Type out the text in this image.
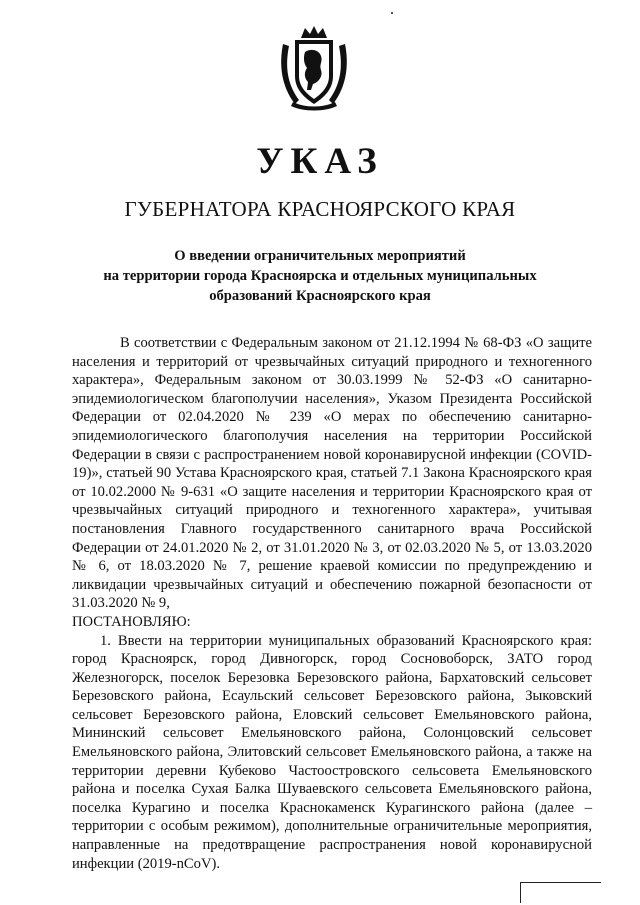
УКАЗ
ГУБЕРНАТОРА КРАСНОЯРСКОГО КРАЯ
О введении ограничительных мероприятий
на территории города Красноярска и отдельных муниципальных
образований Красноярского края

В соответствии с Федеральным законом от 21.12.1994 № 68-ФЗ «О защите населения и территорий от чрезвычайных ситуаций природного и техногенного характера», Федеральным законом от 30.03.1999 № 52-ФЗ «О санитарно-эпидемиологическом благополучии населения», Указом Президента Российской Федерации от 02.04.2020 № 239 «О мерах по обеспечению санитарно-эпидемиологического благополучия населения на территории Российской Федерации в связи с распространением новой коронавирусной инфекции (COVID-19)», статьей 90 Устава Красноярского края, статьей 7.1 Закона Красноярского края от 10.02.2000 № 9-631 «О защите населения и территории Красноярского края от чрезвычайных ситуаций природного и техногенного характера», учитывая постановления Главного государственного санитарного врача Российской Федерации от 24.01.2020 № 2, от 31.01.2020 № 3, от 02.03.2020 № 5, от 13.03.2020 № 6, от 18.03.2020 № 7, решение краевой комиссии по предупреждению и ликвидации чрезвычайных ситуаций и обеспечению пожарной безопасности от 31.03.2020 № 9,

ПОСТАНОВЛЯЮ:

1. Ввести на территории муниципальных образований Красноярского края: город Красноярск, город Дивногорск, город Сосновоборск, ЗАТО город Железногорск, поселок Березовка Березовского района, Бархатовский сельсовет Березовского района, Есаульский сельсовет Березовского района, Зыковский сельсовет Березовского района, Еловский сельсовет Емельяновского района, Мининский сельсовет Емельяновского района, Солонцовский сельсовет Емельяновского района, Элитовский сельсовет Емельяновского района, а также на территории деревни Кубеково Частоостровского сельсовета Емельяновского района и поселка Сухая Балка Шуваевского сельсовета Емельяновского района, поселка Курагино и поселка Краснокаменск Курагинского района (далее – территории с особым режимом), дополнительные ограничительные мероприятия, направленные на предотвращение распространения новой коронавирусной инфекции (2019-nCoV).
